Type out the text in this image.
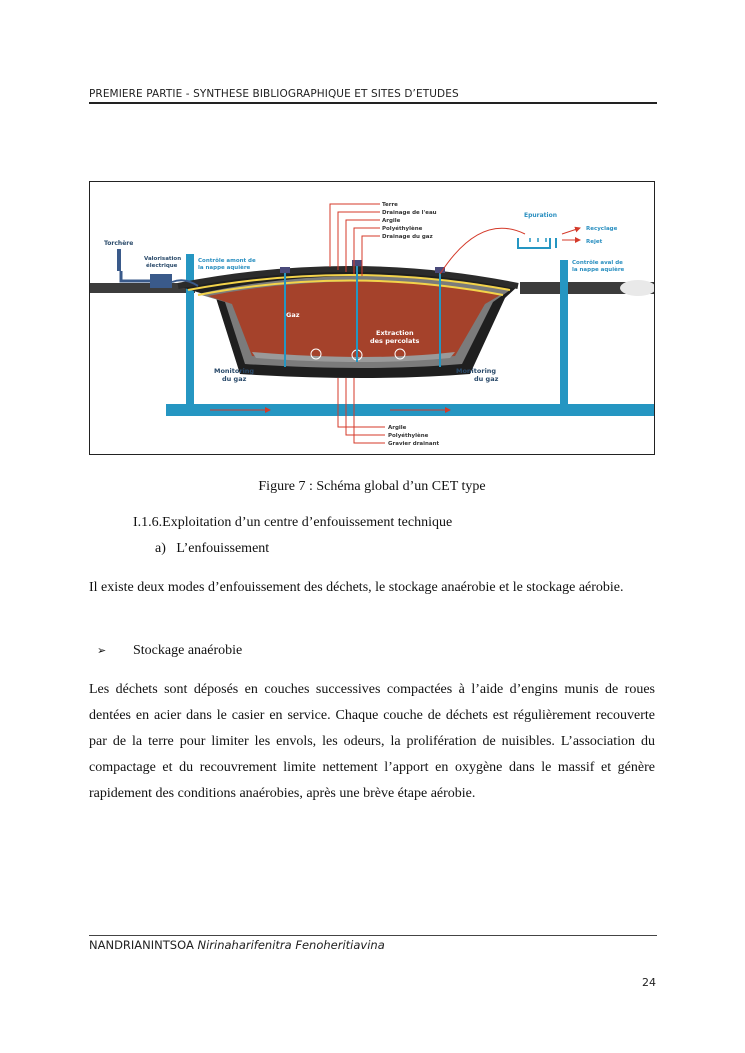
PREMIERE PARTIE - SYNTHESE BIBLIOGRAPHIQUE ET SITES D’ETUDES
Torchère
Valorisation
électrique
Contrôle amont de
la nappe aquière
Terre
Drainage de l'eau
Argile
Polyéthylène
Drainage du gaz
Epuration
Recyclage
Rejet
Contrôle aval de
la nappe aquière
Gaz
Extraction
des percolats
Monitoring
du gaz
Monitoring
du gaz
Argile
Polyéthylène
Gravier drainant
Figure 7 : Schéma global d’un CET type
I.1.6.Exploitation d’un centre d’enfouissement technique
a)   L’enfouissement
Il existe deux modes d’enfouissement des déchets, le stockage anaérobie et le stockage aérobie.
➢ Stockage anaérobie
Les déchets sont déposés en couches successives compactées à l’aide d’engins munis de roues dentées en acier dans le casier en service. Chaque couche de déchets est régulièrement recouverte par de la terre pour limiter les envols, les odeurs, la prolifération de nuisibles. L’association du compactage et du recouvrement limite nettement l’apport en oxygène dans le massif et génère rapidement des conditions anaérobies, après une brève étape aérobie.
NANDRIANINTSOA Nirinaharifenitra Fenoheritiavina
24
